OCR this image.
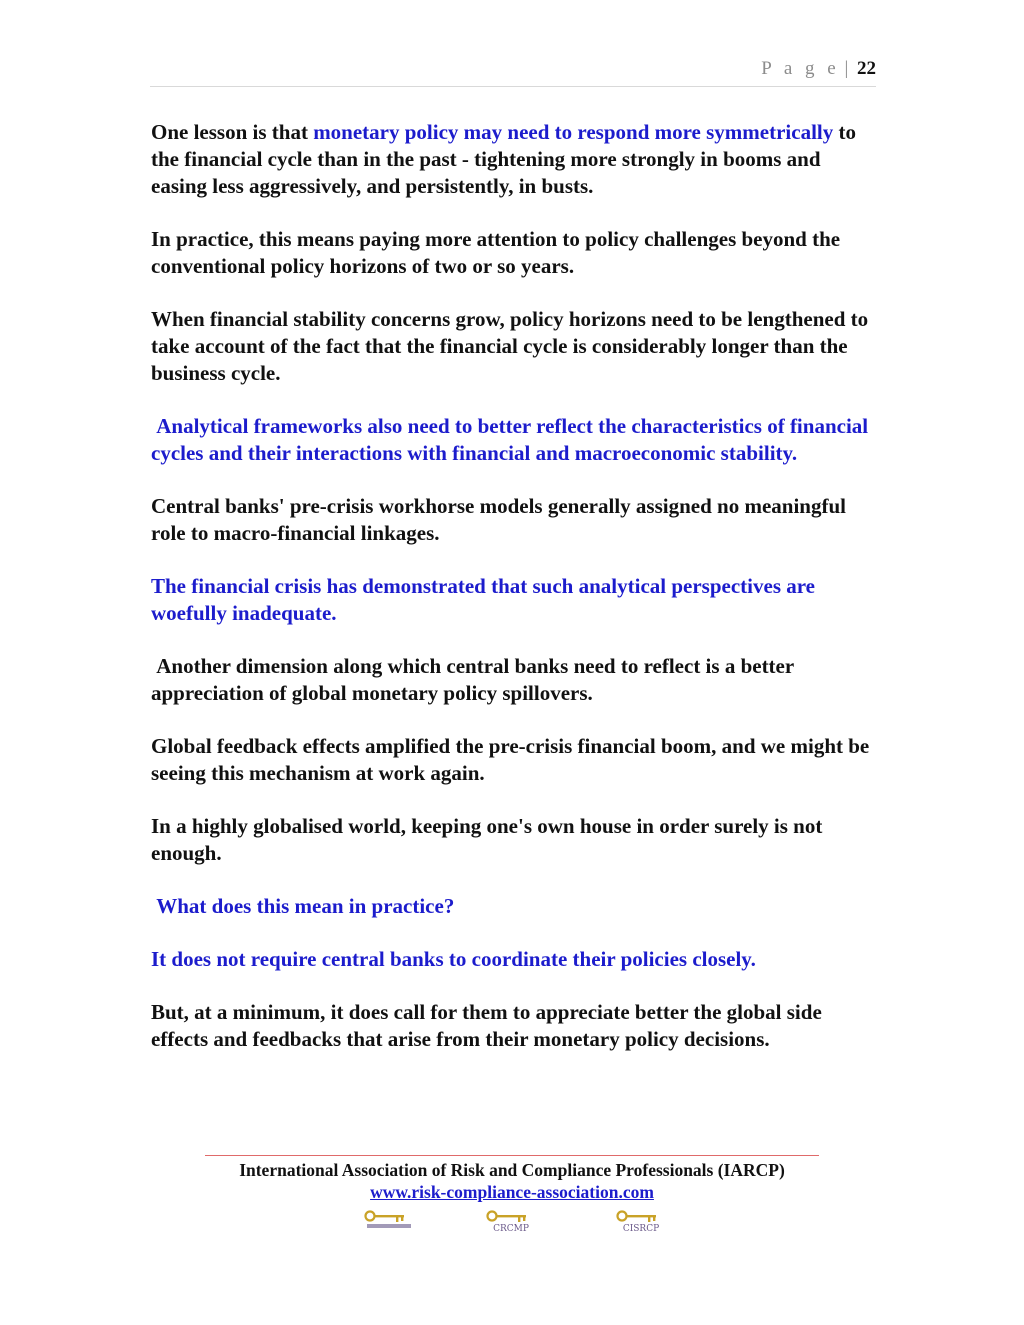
P a g e | 22

One lesson is that monetary policy may need to respond more symmetrically to the financial cycle than in the past - tightening more strongly in booms and easing less aggressively, and persistently, in busts.

In practice, this means paying more attention to policy challenges beyond the conventional policy horizons of two or so years.

When financial stability concerns grow, policy horizons need to be lengthened to take account of the fact that the financial cycle is considerably longer than the business cycle.

Analytical frameworks also need to better reflect the characteristics of financial cycles and their interactions with financial and macroeconomic stability.

Central banks' pre-crisis workhorse models generally assigned no meaningful role to macro-financial linkages.

The financial crisis has demonstrated that such analytical perspectives are woefully inadequate.

Another dimension along which central banks need to reflect is a better appreciation of global monetary policy spillovers.

Global feedback effects amplified the pre-crisis financial boom, and we might be seeing this mechanism at work again.

In a highly globalised world, keeping one's own house in order surely is not enough.

What does this mean in practice?

It does not require central banks to coordinate their policies closely.

But, at a minimum, it does call for them to appreciate better the global side effects and feedbacks that arise from their monetary policy decisions.

International Association of Risk and Compliance Professionals (IARCP)
www.risk-compliance-association.com
CRCMP	CISRCP
